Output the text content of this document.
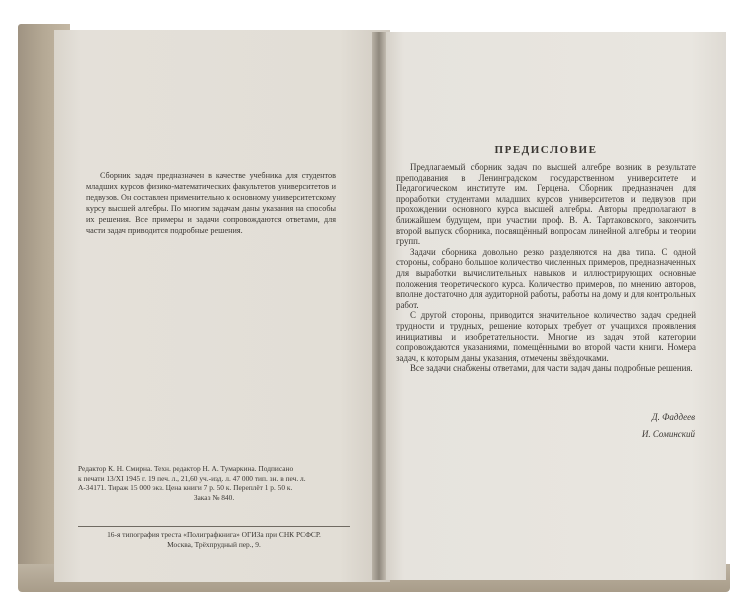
Сборник задач предназначен в качестве учебника для студентов младших курсов физико-математических факультетов университетов и педвузов. Он составлен применительно к основному университетскому курсу высшей алгебры. По многим задачам даны указания на способы их решения. Все примеры и задачи сопровождаются ответами, для части задач приводится подробные решения.
Редактор К. Н. Смирна. Техн. редактор Н. А. Тумаркина. Подписано
к печати 13/XI 1945 г. 19 печ. л., 21,60 уч.-изд. л. 47 000 тип. зн. в печ. л.
А-34171. Тираж 15 000 экз. Цена книги 7 р. 50 к. Переплёт 1 р. 50 к.
Заказ № 840.
16-я типография треста «Полиграфкнига» ОГИЗа при СНК РСФСР.
Москва, Трёхпрудный пер., 9.
ПРЕДИСЛОВИЕ

Предлагаемый сборник задач по высшей алгебре возник в результате преподавания в Ленинградском государственном университете и Педагогическом институте им. Герцена. Сборник предназначен для проработки студентами младших курсов университетов и педвузов при прохождении основного курса высшей алгебры. Авторы предполагают в ближайшем будущем, при участии проф. В. А. Тартаковского, закончить второй выпуск сборника, посвящённый вопросам линейной алгебры и теории групп.

Задачи сборника довольно резко разделяются на два типа. С одной стороны, собрано большое количество численных примеров, предназначенных для выработки вычислительных навыков и иллюстрирующих основные положения теоретического курса. Количество примеров, по мнению авторов, вполне достаточно для аудиторной работы, работы на дому и для контрольных работ.

С другой стороны, приводится значительное количество задач средней трудности и трудных, решение которых требует от учащихся проявления инициативы и изобретательности. Многие из задач этой категории сопровождаются указаниями, помещёнными во второй части книги. Номера задач, к которым даны указания, отмечены звёздочками.

Все задачи снабжены ответами, для части задач даны подробные решения.

Д. Фаддеев
И. Соминский
